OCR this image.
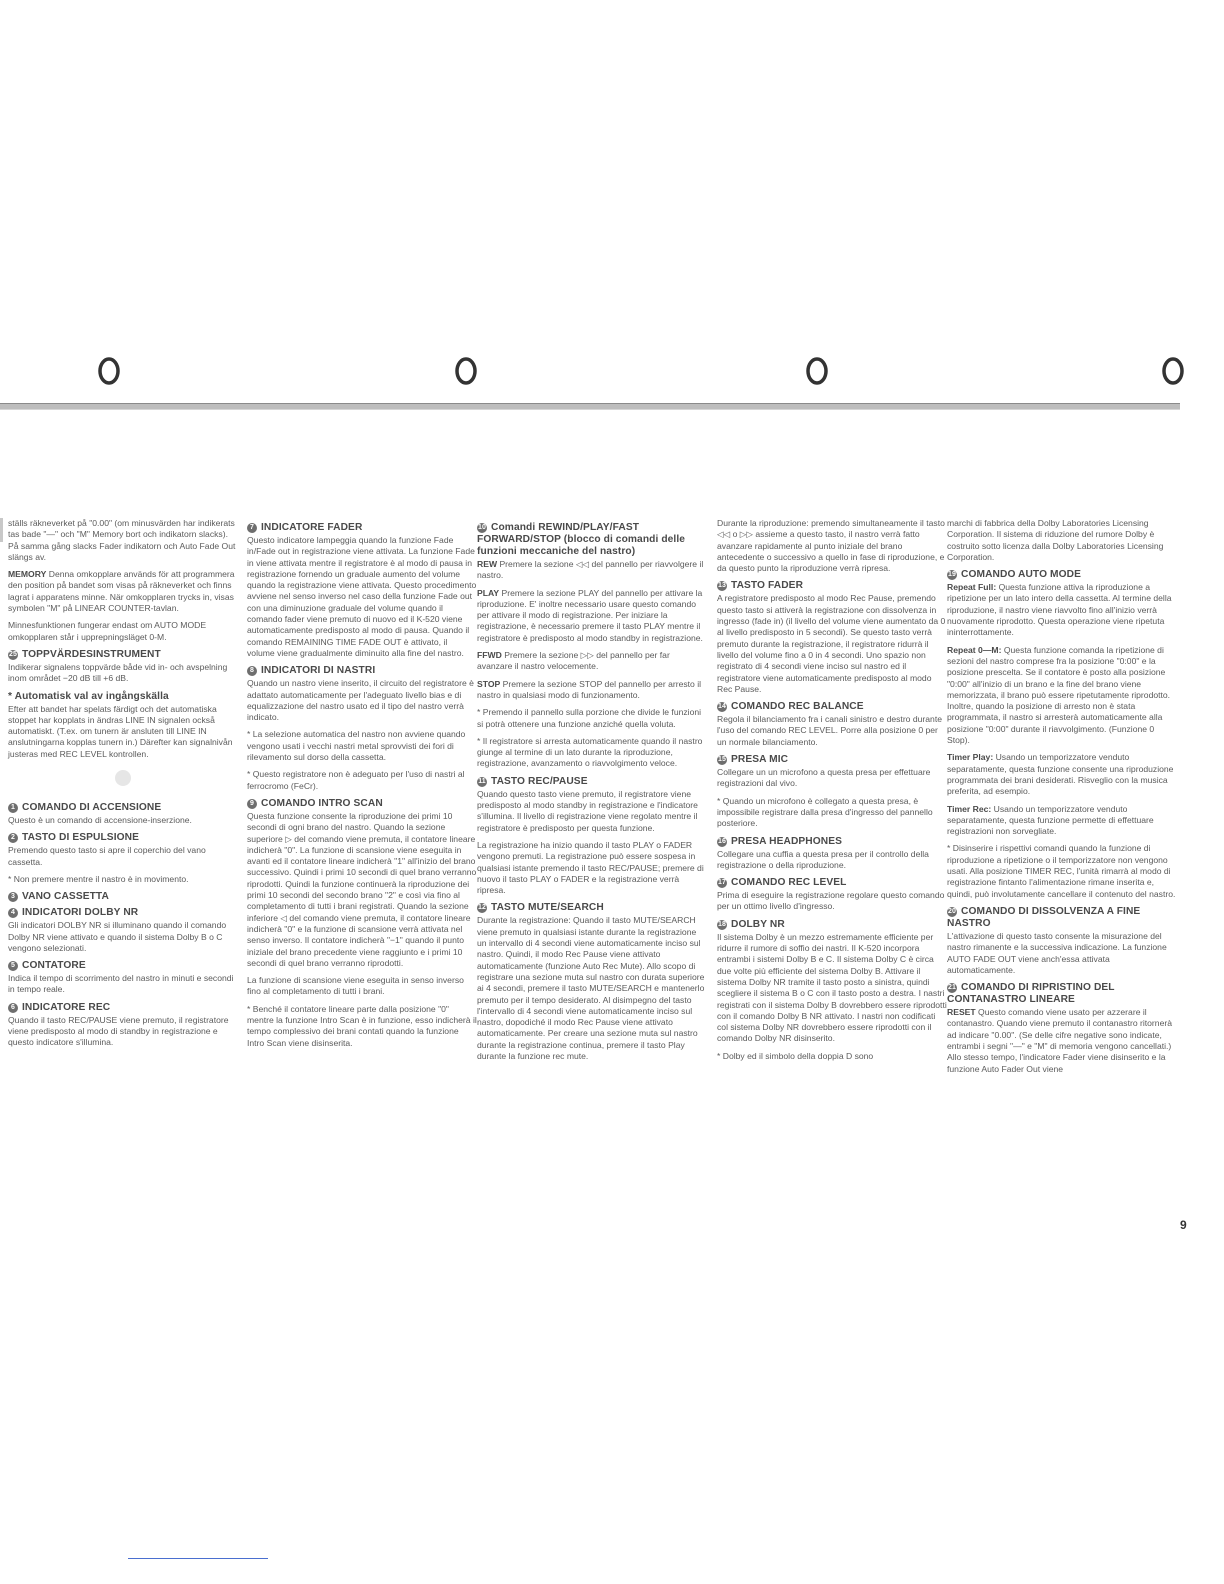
ställs räkneverket på "0.00" (om minusvärden har indikerats tas bade "—" och "M" Memory bort och indikatorn slacks). På samma gång slacks Fader indikatorn och Auto Fade Out slängs av.

MEMORY Denna omkopplare används för att programmera den position på bandet som visas på räkneverket och finns lagrat i apparatens minne. När omkopplaren trycks in, visas symbolen "M" på LINEAR COUNTER-tavlan.

Minnesfunktionen fungerar endast om AUTO MODE omkopplaren står i upprepningsläget 0-M.

25 TOPPVÄRDESINSTRUMENT

Indikerar signalens toppvärde både vid in- och avspelning inom området −20 dB till +6 dB.

* Automatisk val av ingångskälla

Efter att bandet har spelats färdigt och det automatiska stoppet har kopplats in ändras LINE IN signalen också automatiskt. (T.ex. om tunern är ansluten till LINE IN anslutningarna kopplas tunern in.) Därefter kan signalnivån justeras med REC LEVEL kontrollen.

1 COMANDO DI ACCENSIONE

Questo è un comando di accensione-inserzione.

2 TASTO DI ESPULSIONE

Premendo questo tasto si apre il coperchio del vano cassetta.

* Non premere mentre il nastro è in movimento.

3 VANO CASSETTA
4 INDICATORI DOLBY NR

Gli indicatori DOLBY NR si illuminano quando il comando Dolby NR viene attivato e quando il sistema Dolby B o C vengono selezionati.

5 CONTATORE

Indica il tempo di scorrimento del nastro in minuti e secondi in tempo reale.

6 INDICATORE REC

Quando il tasto REC/PAUSE viene premuto, il registratore viene predisposto al modo di standby in registrazione e questo indicatore s'illumina.

7 INDICATORE FADER

Questo indicatore lampeggia quando la funzione Fade in/Fade out in registrazione viene attivata. La funzione Fade in viene attivata mentre il registratore è al modo di pausa in registrazione fornendo un graduale aumento del volume quando la registrazione viene attivata. Questo procedimento avviene nel senso inverso nel caso della funzione Fade out con una diminuzione graduale del volume quando il comando fader viene premuto di nuovo ed il K-520 viene automaticamente predisposto al modo di pausa. Quando il comando REMAINING TIME FADE OUT è attivato, il volume viene gradualmente diminuito alla fine del nastro.

8 INDICATORI DI NASTRI

Quando un nastro viene inserito, il circuito del registratore è adattato automaticamente per l'adeguato livello bias e di equalizzazione del nastro usato ed il tipo del nastro verrà indicato.

* La selezione automatica del nastro non avviene quando vengono usati i vecchi nastri metal sprovvisti dei fori di rilevamento sul dorso della cassetta.

* Questo registratore non è adeguato per l'uso di nastri al ferrocromo (FeCr).

9 COMANDO INTRO SCAN

Questa funzione consente la riproduzione dei primi 10 secondi di ogni brano del nastro. Quando la sezione superiore ▷ del comando viene premuta, il contatore lineare indicherà "0". La funzione di scansione viene eseguita in avanti ed il contatore lineare indicherà "1" all'inizio del brano successivo. Quindi i primi 10 secondi di quel brano verranno riprodotti. Quindi la funzione continuerà la riproduzione dei primi 10 secondi del secondo brano "2" e così via fino al completamento di tutti i brani registrati. Quando la sezione inferiore ◁ del comando viene premuta, il contatore lineare indicherà "0" e la funzione di scansione verrà attivata nel senso inverso. Il contatore indicherà "−1" quando il punto iniziale del brano precedente viene raggiunto e i primi 10 secondi di quel brano verranno riprodotti.

La funzione di scansione viene eseguita in senso inverso fino al completamento di tutti i brani.

* Benché il contatore lineare parte dalla posizione "0" mentre la funzione Intro Scan è in funzione, esso indicherà il tempo complessivo dei brani contati quando la funzione Intro Scan viene disinserita.

10 Comandi REWIND/PLAY/FAST FORWARD/STOP (blocco di comandi delle funzioni meccaniche del nastro)

REW Premere la sezione ◁◁ del pannello per riavvolgere il nastro.

PLAY Premere la sezione PLAY del pannello per attivare la riproduzione. E' inoltre necessario usare questo comando per attivare il modo di registrazione. Per iniziare la registrazione, è necessario premere il tasto PLAY mentre il registratore è predisposto al modo standby in registrazione.

FFWD Premere la sezione ▷▷ del pannello per far avanzare il nastro velocemente.

STOP Premere la sezione STOP del pannello per arresto il nastro in qualsiasi modo di funzionamento.

* Premendo il pannello sulla porzione che divide le funzioni si potrà ottenere una funzione anziché quella voluta.

* Il registratore si arresta automaticamente quando il nastro giunge al termine di un lato durante la riproduzione, registrazione, avanzamento o riavvolgimento veloce.

11 TASTO REC/PAUSE

Quando questo tasto viene premuto, il registratore viene predisposto al modo standby in registrazione e l'indicatore s'illumina. Il livello di registrazione viene regolato mentre il registratore è predisposto per questa funzione.

La registrazione ha inizio quando il tasto PLAY o FADER vengono premuti. La registrazione può essere sospesa in qualsiasi istante premendo il tasto REC/PAUSE; premere di nuovo il tasto PLAY o FADER e la registrazione verrà ripresa.

12 TASTO MUTE/SEARCH

Durante la registrazione: Quando il tasto MUTE/SEARCH viene premuto in qualsiasi istante durante la registrazione un intervallo di 4 secondi viene automaticamente inciso sul nastro. Quindi, il modo Rec Pause viene attivato automaticamente (funzione Auto Rec Mute). Allo scopo di registrare una sezione muta sul nastro con durata superiore ai 4 secondi, premere il tasto MUTE/SEARCH e mantenerlo premuto per il tempo desiderato. Al disimpegno del tasto l'intervallo di 4 secondi viene automaticamente inciso sul nastro, dopodiché il modo Rec Pause viene attivato automaticamente. Per creare una sezione muta sul nastro durante la registrazione continua, premere il tasto Play durante la funzione rec mute.

Durante la riproduzione: premendo simultaneamente il tasto ◁◁ o ▷▷ assieme a questo tasto, il nastro verrà fatto avanzare rapidamente al punto iniziale del brano antecedente o successivo a quello in fase di riproduzione, e da questo punto la riproduzione verrà ripresa.

13 TASTO FADER

A registratore predisposto al modo Rec Pause, premendo questo tasto si attiverà la registrazione con dissolvenza in ingresso (fade in) (il livello del volume viene aumentato da 0 al livello predisposto in 5 secondi). Se questo tasto verrà premuto durante la registrazione, il registratore ridurrà il livello del volume fino a 0 in 4 secondi. Uno spazio non registrato di 4 secondi viene inciso sul nastro ed il registratore viene automaticamente predisposto al modo Rec Pause.

14 COMANDO REC BALANCE

Regola il bilanciamento fra i canali sinistro e destro durante l'uso del comando REC LEVEL. Porre alla posizione 0 per un normale bilanciamento.

15 PRESA MIC

Collegare un un microfono a questa presa per effettuare registrazioni dal vivo.

* Quando un microfono è collegato a questa presa, è impossibile registrare dalla presa d'ingresso del pannello posteriore.

16 PRESA HEADPHONES

Collegare una cuffia a questa presa per il controllo della registrazione o della riproduzione.

17 COMANDO REC LEVEL

Prima di eseguire la registrazione regolare questo comando per un ottimo livello d'ingresso.

18 DOLBY NR

Il sistema Dolby è un mezzo estremamente efficiente per ridurre il rumore di soffio dei nastri. Il K-520 incorpora entrambi i sistemi Dolby B e C. Il sistema Dolby C è circa due volte più efficiente del sistema Dolby B. Attivare il sistema Dolby NR tramite il tasto posto a sinistra, quindi scegliere il sistema B o C con il tasto posto a destra. I nastri registrati con il sistema Dolby B dovrebbero essere riprodotti con il comando Dolby B NR attivato. I nastri non codificati col sistema Dolby NR dovrebbero essere riprodotti con il comando Dolby NR disinserito.

* Dolby ed il simbolo della doppia D sono

marchi di fabbrica della Dolby Laboratories Licensing Corporation. Il sistema di riduzione del rumore Dolby è costruito sotto licenza dalla Dolby Laboratories Licensing Corporation.

19 COMANDO AUTO MODE

Repeat Full: Questa funzione attiva la riproduzione a ripetizione per un lato intero della cassetta. Al termine della riproduzione, il nastro viene riavvolto fino all'inizio verrà nuovamente riprodotto. Questa operazione viene ripetuta ininterrottamente.

Repeat 0—M: Questa funzione comanda la ripetizione di sezioni del nastro comprese fra la posizione "0:00" e la posizione prescelta. Se il contatore è posto alla posizione "0:00" all'inizio di un brano e la fine del brano viene memorizzata, il brano può essere ripetutamente riprodotto. Inoltre, quando la posizione di arresto non è stata programmata, il nastro si arresterà automaticamente alla posizione "0:00" durante il riavvolgimento. (Funzione 0 Stop).

Timer Play: Usando un temporizzatore venduto separatamente, questa funzione consente una riproduzione programmata dei brani desiderati. Risveglio con la musica preferita, ad esempio.

Timer Rec: Usando un temporizzatore venduto separatamente, questa funzione permette di effettuare registrazioni non sorvegliate.

* Disinserire i rispettivi comandi quando la funzione di riproduzione a ripetizione o il temporizzatore non vengono usati. Alla posizione TIMER REC, l'unità rimarrà al modo di registrazione fintanto l'alimentazione rimane inserita e, quindi, può involutamente cancellare il contenuto del nastro.

20 COMANDO DI DISSOLVENZA A FINE NASTRO

L'attivazione di questo tasto consente la misurazione del nastro rimanente e la successiva indicazione. La funzione AUTO FADE OUT viene anch'essa attivata automaticamente.

21 COMANDO DI RIPRISTINO DEL CONTANASTRO LINEARE

RESET Questo comando viene usato per azzerare il contanastro. Quando viene premuto il contanastro ritornerà ad indicare "0.00". (Se delle cifre negative sono indicate, entrambi i segni "—" e "M" di memoria vengono cancellati.) Allo stesso tempo, l'indicatore Fader viene disinserito e la funzione Auto Fader Out viene

9
